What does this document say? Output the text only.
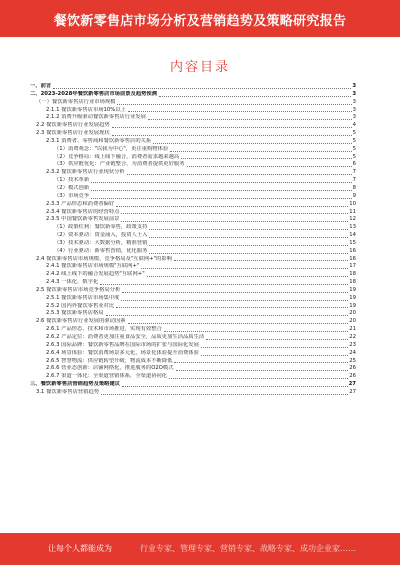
餐饮新零售店市场分析及营销趋势及策略研究报告
内容目录
一、前言	3
二、2023-2028年餐饮新零售店市场前景及趋势预测	3
（一）餐饮新零售店行业市场规模	3
2.1.1 餐饮新零售店市场10%以上	3
2.1.2 消费升级驱动餐饮新零售店行业发展	3
2.2 餐饮新零售店行业发展趋势	4
2.3 餐饮新零售店行业发展现状	5
2.3.1 消费者、零售商和餐饮新零售店的关系	5
（1）消费观念："以我为中心"，更注重购物体验	5
（2）竞争格局：线上线下融合，消费者需求越来越高	5
（3）供应链优化：产业链整合，为消费者提供更好服务	6
2.3.2 餐饮新零售店行业现状分析	7
（1）技术革新	7
（2）模式创新	8
（3）市场竞争	9
2.3.3 产品形态和消费者偏好	10
2.3.4 餐饮新零售店的经营特点	11
2.3.5 中国餐饮新零售发展前景	12
（1）政策红利：餐饮新零售，政策支持	13
（2）资本驱动：资金涌入，投资人士入	14
（3）技术驱动：大数据分析，精准营销	15
（4）行业驱动：新零售营销，优化服务	16
2.4 餐饮新零售店市场规模、竞争格局及"互联网+"的影响	16
2.4.1 餐饮新零售店市场规模"互联网+"	17
2.4.2 线上线下的融合发展趋势"互联网+"	18
2.4.3 一体化、数字化	18
2.5 餐饮新零售店市场竞争格局分析	19
2.5.1 餐饮新零售店市场集中度	19
2.5.2 国内外餐饮零售业对比	19
2.5.3 餐饮新零售店格局	20
2.6 餐饮新零售店行业发展的驱动因素	20
2.6.1 产品形态、技术和市场推进，实现有效整合	21
2.6.2 产品定位：消费者更加注重食品安全，品质更加生活品质生活	22
2.6.3 国际品牌：餐饮新零售品牌在国际市场的扩张与国际化发展	23
2.6.4 场景体验：餐饮消费场景多元化，场景化体验提升消费体验	24
2.6.5 智慧物流：供应链转型升级，物流成本不断降低	25
2.6.6 营业态创新：店铺网络化，推进服务的O2O模式	26
2.6.7 渠道一体化：全渠道营销体系，全渠道协同化	26
三、餐饮新零售店营销趋势及策略建议	27
3.1 餐饮新零售店营销趋势	27
让每个人都能成为	行业专家、管理专家、营销专家、战略专家、成功企业家……
